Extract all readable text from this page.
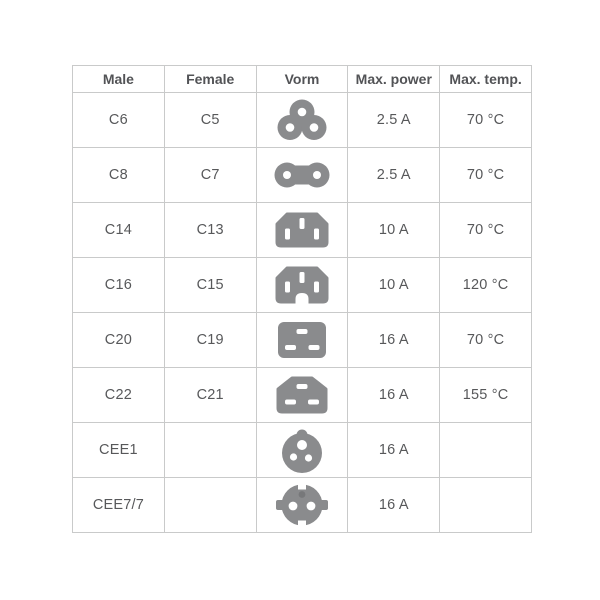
Male	Female	Vorm	Max. power	Max. temp.
C6	C5		2.5 A	70 °C
C8	C7		2.5 A	70 °C
C14	C13		10 A	70 °C
C16	C15		10 A	120 °C
C20	C19		16 A	70 °C
C22	C21		16 A	155 °C
CEE1			16 A	
CEE7/7			16 A	
